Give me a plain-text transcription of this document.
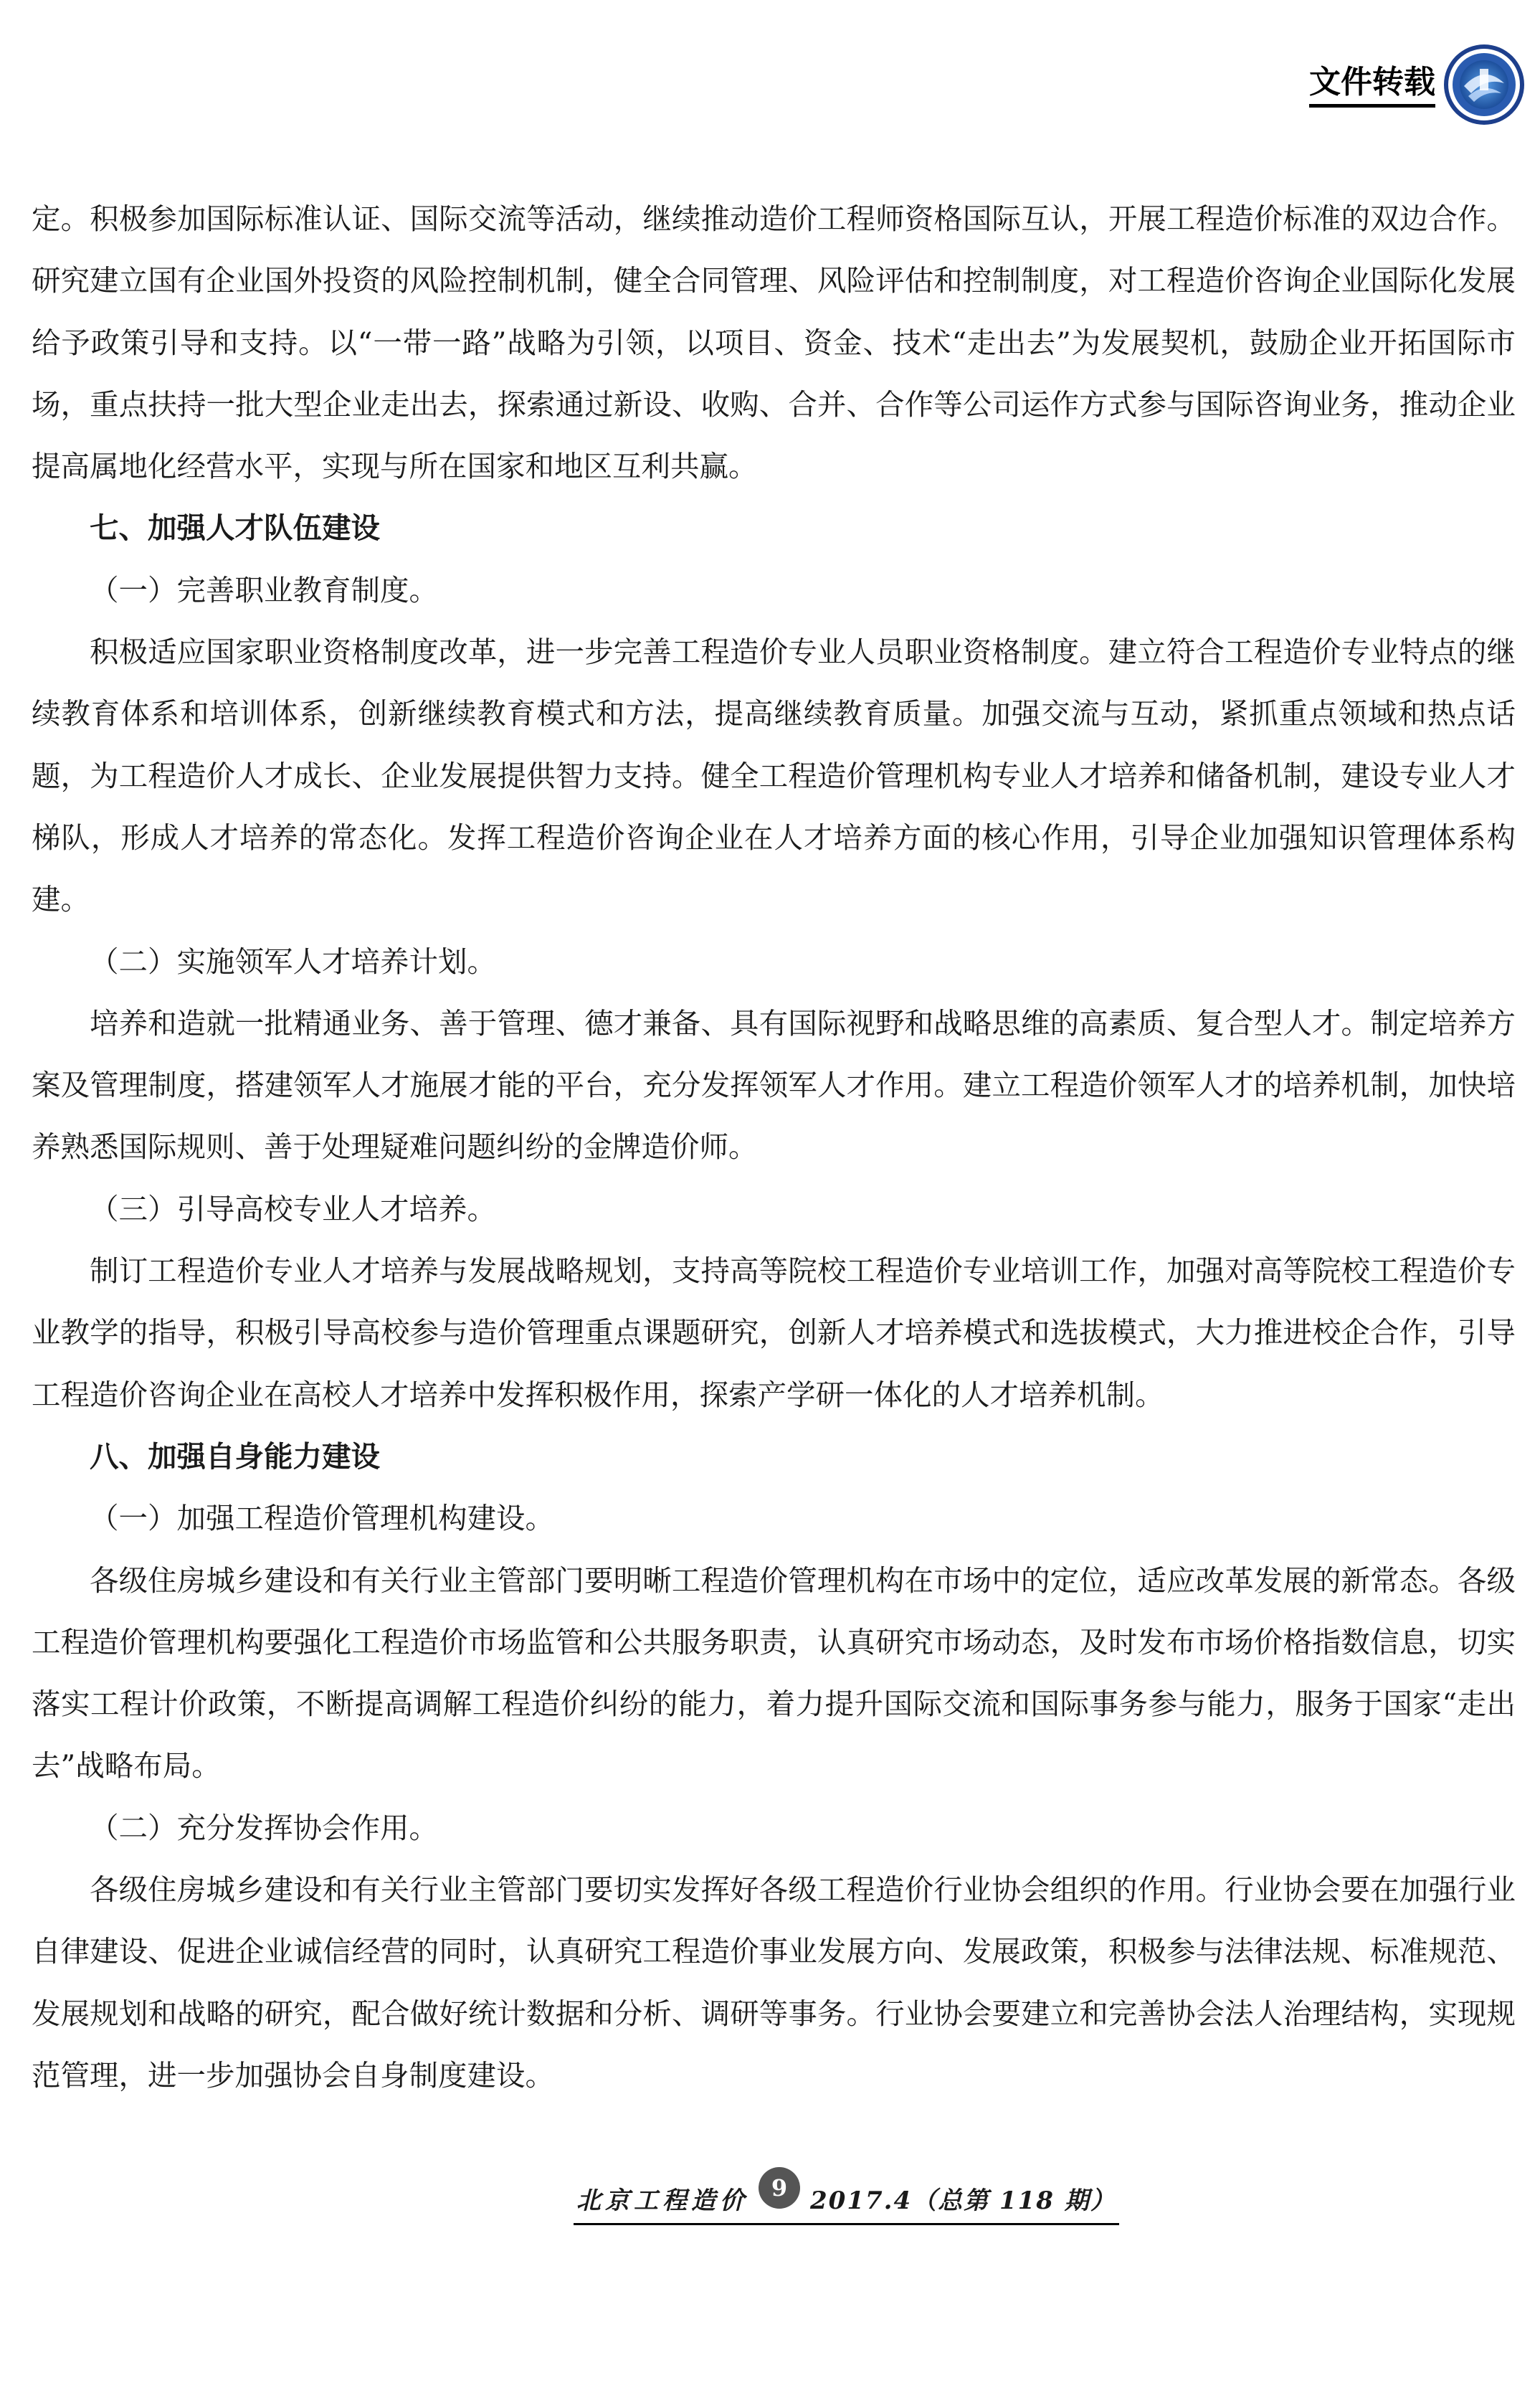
文件转载

定。积极参加国际标准认证、国际交流等活动，继续推动造价工程师资格国际互认，开展工程造价标准的双边合作。研究建立国有企业国外投资的风险控制机制，健全合同管理、风险评估和控制制度，对工程造价咨询企业国际化发展给予政策引导和支持。以“一带一路”战略为引领，以项目、资金、技术“走出去”为发展契机，鼓励企业开拓国际市场，重点扶持一批大型企业走出去，探索通过新设、收购、合并、合作等公司运作方式参与国际咨询业务，推动企业提高属地化经营水平，实现与所在国家和地区互利共赢。

七、加强人才队伍建设

（一）完善职业教育制度。

积极适应国家职业资格制度改革，进一步完善工程造价专业人员职业资格制度。建立符合工程造价专业特点的继续教育体系和培训体系，创新继续教育模式和方法，提高继续教育质量。加强交流与互动，紧抓重点领域和热点话题，为工程造价人才成长、企业发展提供智力支持。健全工程造价管理机构专业人才培养和储备机制，建设专业人才梯队，形成人才培养的常态化。发挥工程造价咨询企业在人才培养方面的核心作用，引导企业加强知识管理体系构建。

（二）实施领军人才培养计划。

培养和造就一批精通业务、善于管理、德才兼备、具有国际视野和战略思维的高素质、复合型人才。制定培养方案及管理制度，搭建领军人才施展才能的平台，充分发挥领军人才作用。建立工程造价领军人才的培养机制，加快培养熟悉国际规则、善于处理疑难问题纠纷的金牌造价师。

（三）引导高校专业人才培养。

制订工程造价专业人才培养与发展战略规划，支持高等院校工程造价专业培训工作，加强对高等院校工程造价专业教学的指导，积极引导高校参与造价管理重点课题研究，创新人才培养模式和选拔模式，大力推进校企合作，引导工程造价咨询企业在高校人才培养中发挥积极作用，探索产学研一体化的人才培养机制。

八、加强自身能力建设

（一）加强工程造价管理机构建设。

各级住房城乡建设和有关行业主管部门要明晰工程造价管理机构在市场中的定位，适应改革发展的新常态。各级工程造价管理机构要强化工程造价市场监管和公共服务职责，认真研究市场动态，及时发布市场价格指数信息，切实落实工程计价政策，不断提高调解工程造价纠纷的能力，着力提升国际交流和国际事务参与能力，服务于国家“走出去”战略布局。

（二）充分发挥协会作用。

各级住房城乡建设和有关行业主管部门要切实发挥好各级工程造价行业协会组织的作用。行业协会要在加强行业自律建设、促进企业诚信经营的同时，认真研究工程造价事业发展方向、发展政策，积极参与法律法规、标准规范、发展规划和战略的研究，配合做好统计数据和分析、调研等事务。行业协会要建立和完善协会法人治理结构，实现规范管理，进一步加强协会自身制度建设。

北京工程造价 9 2017.4（总第 118 期）
